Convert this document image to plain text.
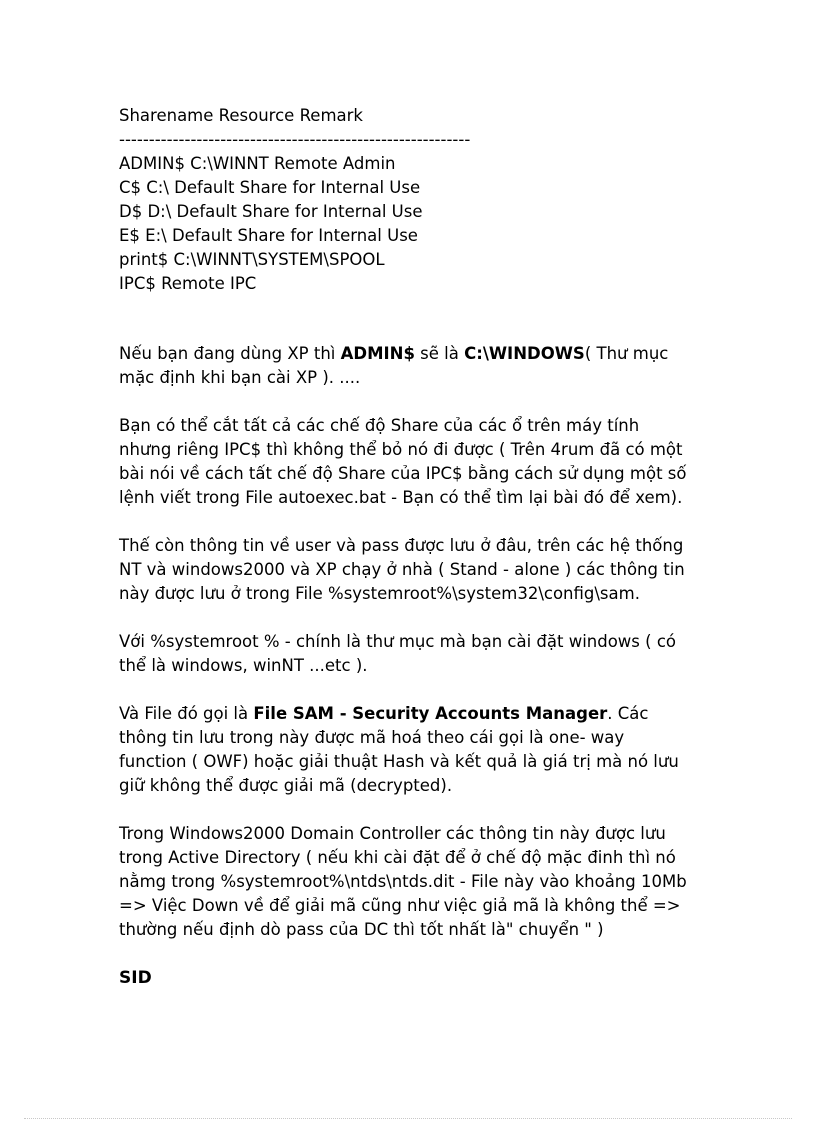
Sharename Resource Remark
-----------------------------------------------------------
ADMIN$ C:\WINNT Remote Admin
C$ C:\ Default Share for Internal Use
D$ D:\ Default Share for Internal Use
E$ E:\ Default Share for Internal Use
print$ C:\WINNT\SYSTEM\SPOOL
IPC$ Remote IPC
Nếu bạn đang dùng XP thì ADMIN$ sẽ là C:\WINDOWS( Thư mục
mặc định khi bạn cài XP ). ....
Bạn có thể cắt tất cả các chế độ Share của các ổ trên máy tính
nhưng riêng IPC$ thì không thể bỏ nó đi được ( Trên 4rum đã có một
bài nói về cách tất chế độ Share của IPC$ bằng cách sử dụng một số
lệnh viết trong File autoexec.bat - Bạn có thể tìm lại bài đó để xem).
Thế còn thông tin về user và pass được lưu ở đâu, trên các hệ thống
NT và windows2000 và XP chạy ở nhà ( Stand - alone ) các thông tin
này được lưu ở trong File %systemroot%\system32\config\sam.
Với %systemroot % - chính là thư mục mà bạn cài đặt windows ( có
thể là windows, winNT ...etc ).
Và File đó gọi là File SAM - Security Accounts Manager. Các
thông tin lưu trong này được mã hoá theo cái gọi là one- way
function ( OWF) hoặc giải thuật Hash và kết quả là giá trị mà nó lưu
giữ không thể được giải mã (decrypted).
Trong Windows2000 Domain Controller các thông tin này được lưu
trong Active Directory ( nếu khi cài đặt để ở chế độ mặc đinh thì nó
nằmg trong %systemroot%\ntds\ntds.dit - File này vào khoảng 10Mb
=> Việc Down về để giải mã cũng như việc giả mã là không thể =>
thường nếu định dò pass của DC thì tốt nhất là" chuyển " )
SID
